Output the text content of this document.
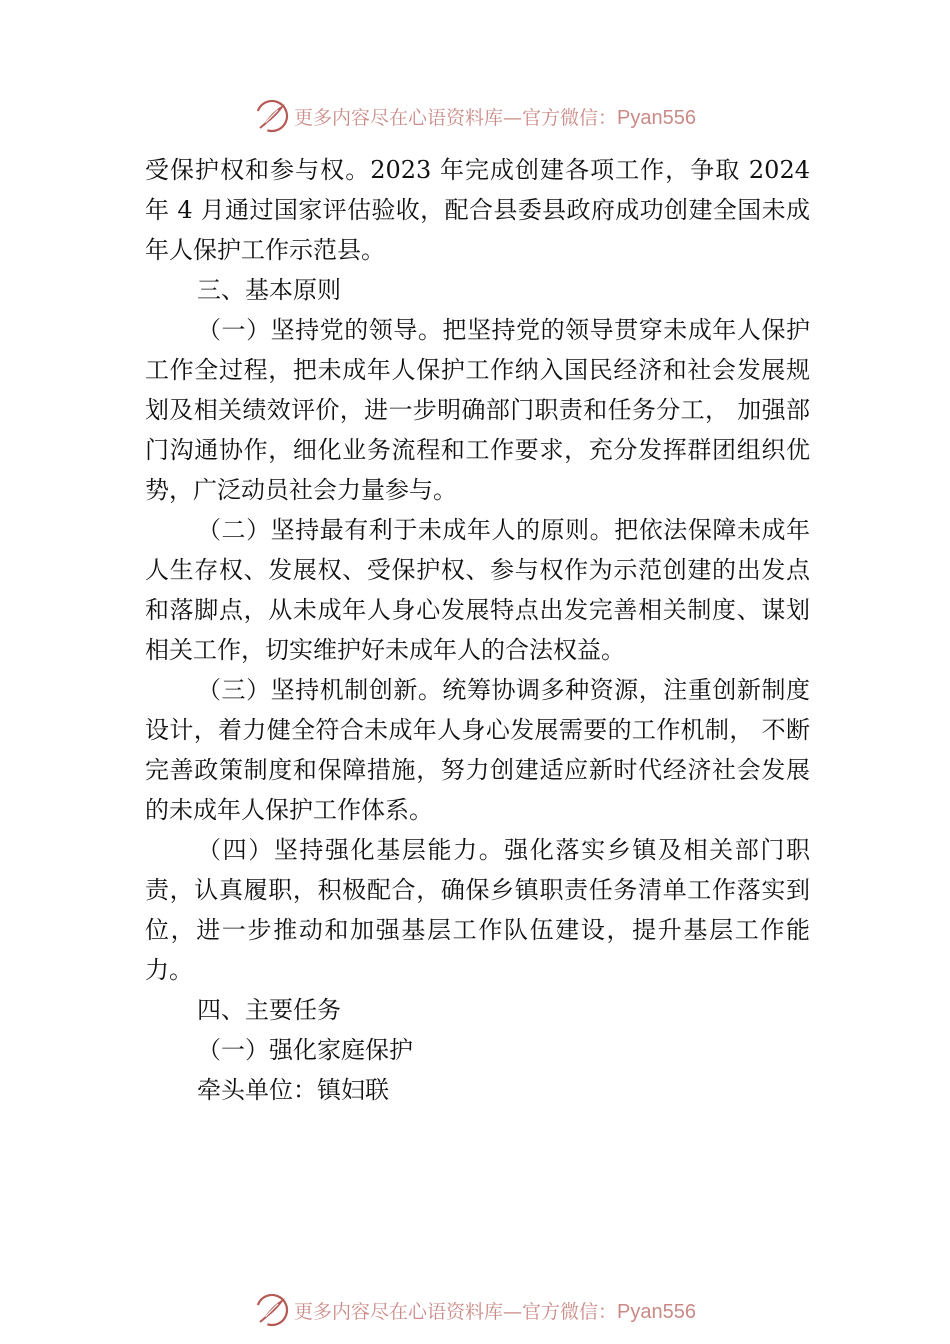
更多内容尽在心语资料库—官方微信：Pyan556

受保护权和参与权。2023 年完成创建各项工作，争取 2024 年 4 月通过国家评估验收，配合县委县政府成功创建全国未成年人保护工作示范县。

三、基本原则

（一）坚持党的领导。把坚持党的领导贯穿未成年人保护工作全过程，把未成年人保护工作纳入国民经济和社会发展规划及相关绩效评价，进一步明确部门职责和任务分工， 加强部门沟通协作，细化业务流程和工作要求，充分发挥群团组织优势，广泛动员社会力量参与。

（二）坚持最有利于未成年人的原则。把依法保障未成年人生存权、发展权、受保护权、参与权作为示范创建的出发点和落脚点，从未成年人身心发展特点出发完善相关制度、谋划相关工作，切实维护好未成年人的合法权益。

（三）坚持机制创新。统筹协调多种资源，注重创新制度设计，着力健全符合未成年人身心发展需要的工作机制， 不断完善政策制度和保障措施，努力创建适应新时代经济社会发展的未成年人保护工作体系。

（四）坚持强化基层能力。强化落实乡镇及相关部门职责，认真履职，积极配合，确保乡镇职责任务清单工作落实到位，进一步推动和加强基层工作队伍建设，提升基层工作能力。

四、主要任务

（一）强化家庭保护

牵头单位：镇妇联

更多内容尽在心语资料库—官方微信：Pyan556
